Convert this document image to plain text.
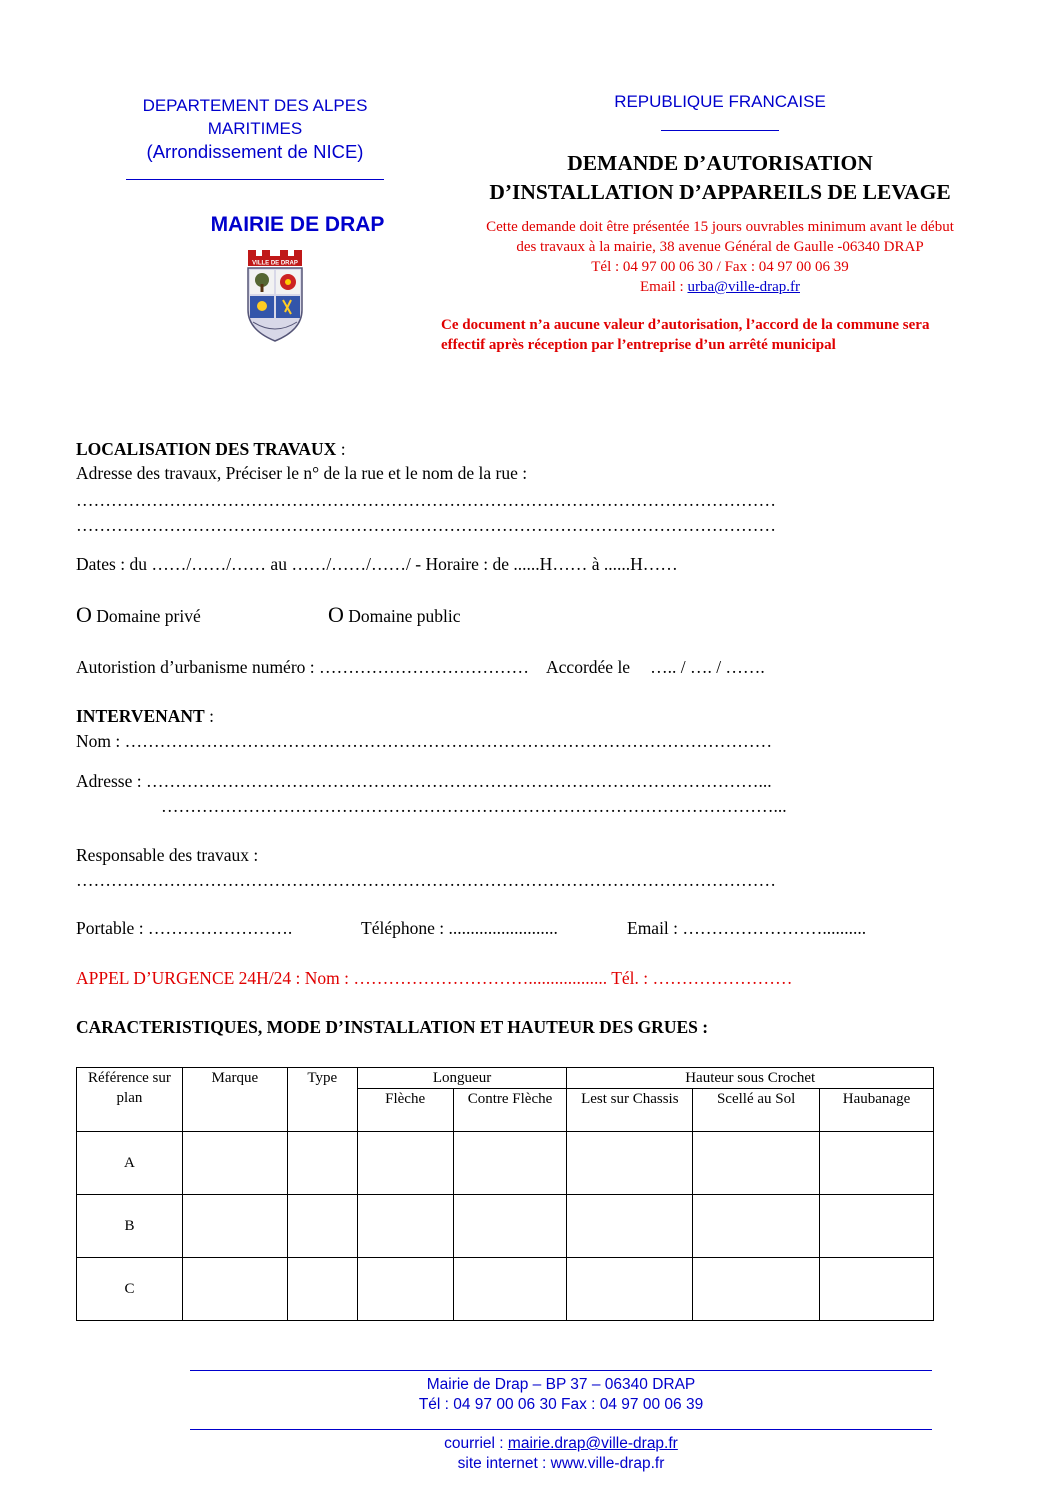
DEPARTEMENT DES ALPES
MARITIMES
(Arrondissement de NICE)
MAIRIE DE DRAP
VILLE DE DRAP
REPUBLIQUE FRANCAISE
DEMANDE D’AUTORISATION
D’INSTALLATION D’APPAREILS DE LEVAGE
Cette demande doit être présentée 15 jours ouvrables minimum avant le début
des travaux à la mairie, 38 avenue Général de Gaulle -06340 DRAP
Tél : 04 97 00 06 30 / Fax : 04 97 00 06 39
Email : urba@ville-drap.fr
Ce document n’a aucune valeur d’autorisation, l’accord de la commune sera
effectif après réception par l’entreprise d’un arrêté municipal
LOCALISATION DES TRAVAUX :
Adresse des travaux, Préciser le n° de la rue et le nom de la rue :
…………………………………………………………………………………………………………
…………………………………………………………………………………………………………
Dates : du ……/……/…… au ……/……/……/ - Horaire : de ......H…… à ......H……
O Domaine privé	O Domaine public
Autoristion d’urbanisme numéro : ……………………………… Accordée le ….. / …. / …….
INTERVENANT :
Nom : …………………………………………………………………………………………………
Adresse : ……………………………………………………………………………………………...
……………………………………………………………………………………………...
Responsable des travaux :
…………………………………………………………………………………………………………
Portable : …………………….	Téléphone : .........................	Email : ……………………..........
APPEL D’URGENCE 24H/24 : Nom : ………………………….................. Tél. : ……………………
CARACTERISTIQUES, MODE D’INSTALLATION ET HAUTEUR DES GRUES :
Référence sur plan	Marque	Type	Longueur		Hauteur sous Crochet		
			Flèche	Contre Flèche	Lest sur Chassis	Scellé au Sol	Haubanage
A							
B							
C							
Mairie de Drap – BP 37 – 06340 DRAP
Tél : 04 97 00 06 30 Fax : 04 97 00 06 39
courriel : mairie.drap@ville-drap.fr
site internet : www.ville-drap.fr
